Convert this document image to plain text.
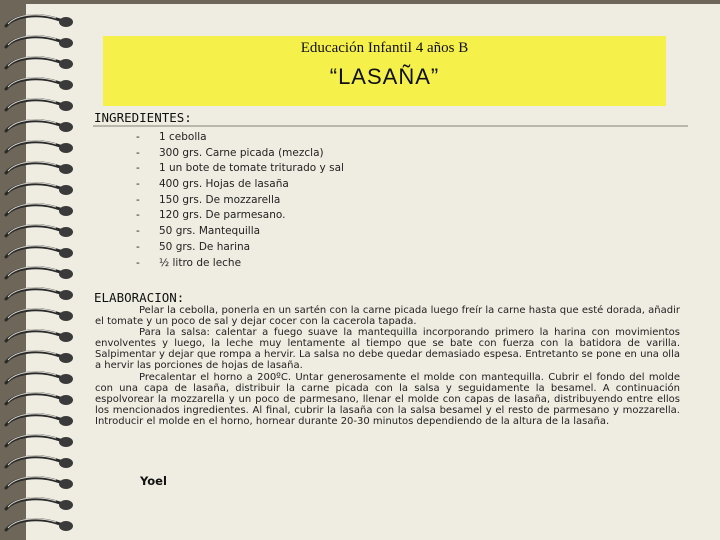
Educación Infantil 4 años B
“LASAÑA”
INGREDIENTES:
- 1 cebolla
- 300 grs. Carne picada (mezcla)
- 1 un bote de tomate triturado y sal
- 400 grs. Hojas de lasaña
- 150 grs. De mozzarella
- 120 grs. De parmesano.
- 50 grs. Mantequilla
- 50 grs. De harina
- ½ litro de leche
ELABORACION:

Pelar la cebolla, ponerla en un sartén con la carne picada luego freír la carne hasta que esté dorada, añadir el tomate y un poco de sal y dejar cocer con la cacerola tapada.

Para la salsa: calentar a fuego suave la mantequilla incorporando primero la harina con movimientos envolventes y luego, la leche muy lentamente al tiempo que se bate con fuerza con la batidora de varilla. Salpimentar y dejar que rompa a hervir. La salsa no debe quedar demasiado espesa. Entretanto se pone en una olla a hervir las porciones de hojas de lasaña.

Precalentar el horno a 200ºC. Untar generosamente el molde con mantequilla. Cubrir el fondo del molde con una capa de lasaña, distribuir la carne picada con la salsa y seguidamente la besamel. A continuación espolvorear la mozzarella y un poco de parmesano, llenar el molde con capas de lasaña, distribuyendo entre ellos los mencionados ingredientes. Al final, cubrir la lasaña con la salsa besamel y el resto de parmesano y mozzarella. Introducir el molde en el horno, hornear durante 20-30 minutos dependiendo de la altura de la lasaña.

Yoel
